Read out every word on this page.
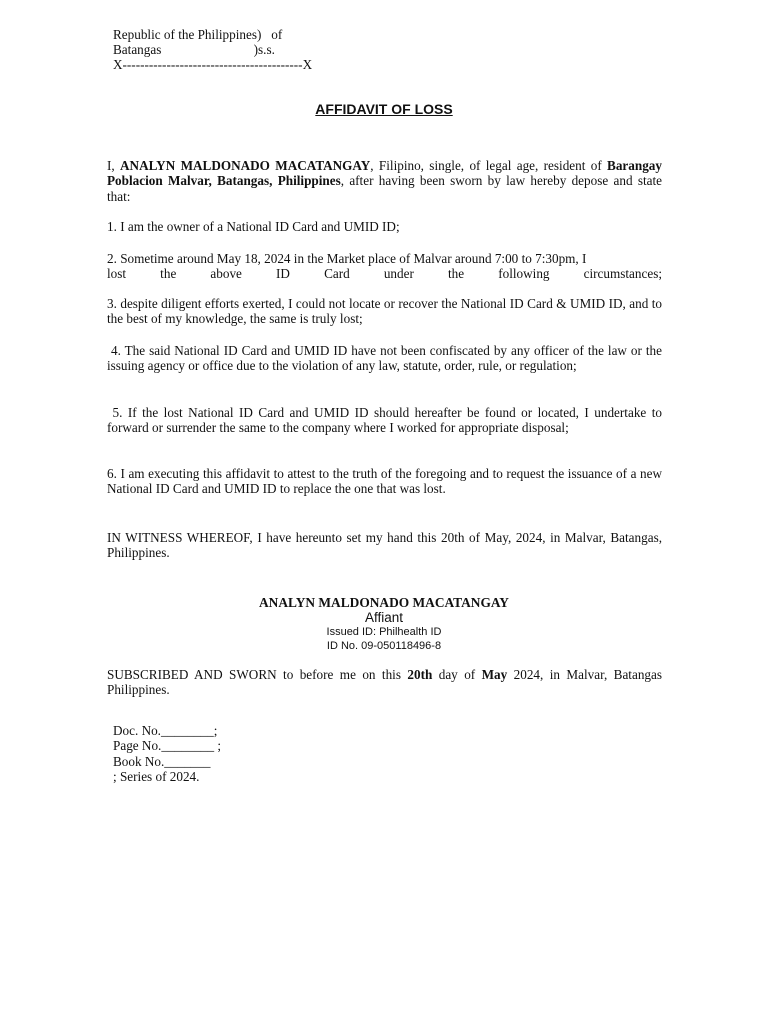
Republic of the Philippines)   of
Batangas                            )s.s.
X-----------------------------------------X
AFFIDAVIT OF LOSS

I, ANALYN MALDONADO MACATANGAY, Filipino, single, of legal age, resident of Barangay Poblacion Malvar, Batangas, Philippines, after having been sworn by law hereby depose and state that:

1. I am the owner of a National ID Card and UMID ID;

2. Sometime around May 18, 2024 in the Market place of Malvar around 7:00 to 7:30pm, I

lost the above ID Card under the following circumstances;

3. despite diligent efforts exerted, I could not locate or recover the National ID Card & UMID ID, and to the best of my knowledge, the same is truly lost;

4. The said National ID Card and UMID ID have not been confiscated by any officer of the law or the issuing agency or office due to the violation of any law, statute, order, rule, or regulation;

5. If the lost National ID Card and UMID ID should hereafter be found or located, I undertake to forward or surrender the same to the company where I worked for appropriate disposal;

6. I am executing this affidavit to attest to the truth of the foregoing and to request the issuance of a new National ID Card and UMID ID to replace the one that was lost.

IN WITNESS WHEREOF, I have hereunto set my hand this 20th of May, 2024, in Malvar, Batangas, Philippines.

ANALYN MALDONADO MACATANGAY
Affiant
Issued ID: Philhealth ID
ID No. 09-050118496-8

SUBSCRIBED AND SWORN to before me on this 20th day of May 2024, in Malvar, Batangas Philippines.

Doc. No.________;
Page No.________ ;
Book No._______
; Series of 2024.
